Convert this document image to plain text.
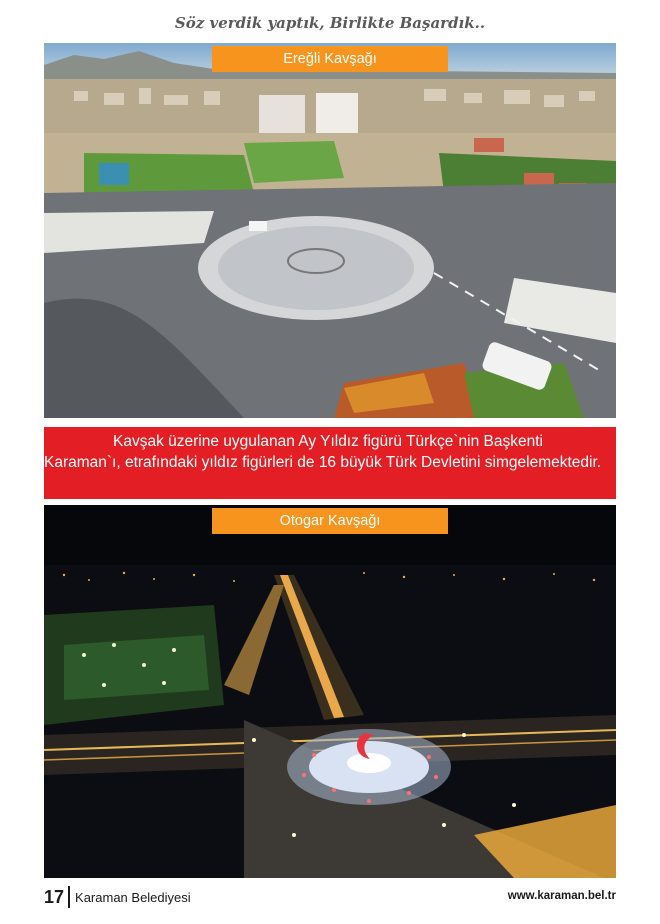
Söz verdik yaptık, Birlikte Başardık..
Ereğli Kavşağı
Kavşak üzerine uygulanan Ay Yıldız figürü Türkçe`nin Başkenti Karaman`ı, etrafındaki yıldız figürleri de 16 büyük Türk Devletini simgelemektedir.
Otogar Kavşağı
17 Karaman Belediyesi	www.karaman.bel.tr
